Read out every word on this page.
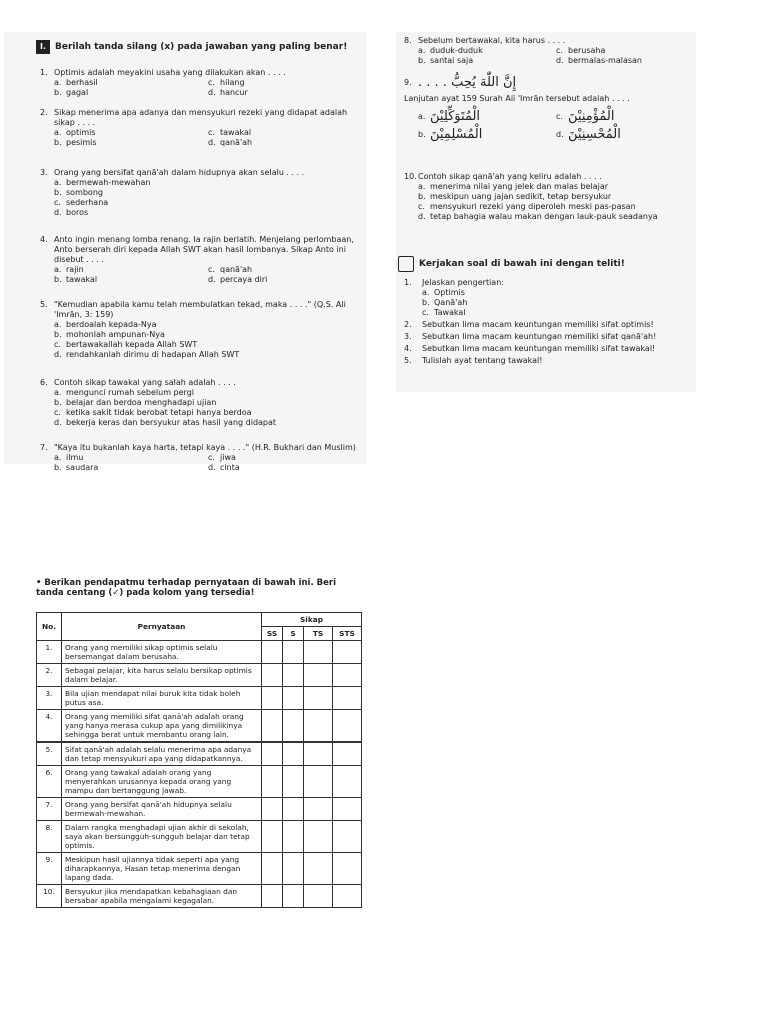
I.	Berilah tanda silang (x) pada jawaban yang paling benar!
1. Optimis adalah meyakini usaha yang dilakukan akan . . . .
a. berhasil	c. hilang
b. gagal	d. hancur
2. Sikap menerima apa adanya dan mensyukuri rezeki yang didapat adalah sikap . . . .
a. optimis	c. tawakal
b. pesimis	d. qanā'ah
3. Orang yang bersifat qanā'ah dalam hidupnya akan selalu . . . .
a. bermewah-mewahan
b. sombong
c. sederhana
d. boros
4. Anto ingin menang lomba renang. Ia rajin berlatih. Menjelang perlombaan, Anto berserah diri kepada Allah SWT akan hasil lombanya. Sikap Anto ini disebut . . . .
a. rajin	c. qanā'ah
b. tawakal	d. percaya diri
5. "Kemudian apabila kamu telah membulatkan tekad, maka . . . ." (Q.S. Ali 'Imrān, 3: 159)
a. berdoalah kepada-Nya
b. mohonlah ampunan-Nya
c. bertawakallah kepada Allah SWT
d. rendahkanlah dirimu di hadapan Allah SWT
6. Contoh sikap tawakal yang salah adalah . . . .
a. mengunci rumah sebelum pergi
b. belajar dan berdoa menghadapi ujian
c. ketika sakit tidak berobat tetapi hanya berdoa
d. bekerja keras dan bersyukur atas hasil yang didapat
7. "Kaya itu bukanlah kaya harta, tetapi kaya . . . ." (H.R. Bukhari dan Muslim)
a. ilmu	c. jiwa
b. saudara	d. cinta
8. Sebelum bertawakal, kita harus . . . .
a. duduk-duduk	c. berusaha
b. santai saja	d. bermalas-malasan
9. . . . . إِنَّ اللّٰهَ يُحِبُّ
Lanjutan ayat 159 Surah Ali 'Imrān tersebut adalah . . . .
a. الْمُتَوَكِّلِيْنَ	c. الْمُؤْمِنِيْنَ
b. الْمُسْلِمِيْنَ	d. الْمُحْسِنِيْنَ
10. Contoh sikap qanā'ah yang keliru adalah . . . .
a. menerima nilai yang jelek dan malas belajar
b. meskipun uang jajan sedikit, tetap bersyukur
c. mensyukuri rezeki yang diperoleh meski pas-pasan
d. tetap bahagia walau makan dengan lauk-pauk seadanya
Kerjakan soal di bawah ini dengan teliti!
1.	Jelaskan pengertian:
a. Optimis
b. Qanā'ah
c. Tawakal
2.	Sebutkan lima macam keuntungan memiliki sifat optimis!
3.	Sebutkan lima macam keuntungan memiliki sifat qanā'ah!
4.	Sebutkan lima macam keuntungan memiliki sifat tawakal!
5.	Tulislah ayat tentang tawakal!
• Berikan pendapatmu terhadap pernyataan di bawah ini. Beri tanda centang (✓) pada kolom yang tersedia!
No.	Pernyataan	Sikap			
		SS	S	TS	STS
1.	Orang yang memiliki sikap optimis selalu bersemangat dalam berusaha.				
2.	Sebagai pelajar, kita harus selalu bersikap optimis dalam belajar.				
3.	Bila ujian mendapat nilai buruk kita tidak boleh putus asa.				
4.	Orang yang memiliki sifat qanā'ah adalah orang yang hanya merasa cukup apa yang dimilikinya sehingga berat untuk membantu orang lain.				
5.	Sifat qanā'ah adalah selalu menerima apa adanya dan tetap mensyukuri apa yang didapatkannya.				
6.	Orang yang tawakal adalah orang yang menyerahkan urusannya kepada orang yang mampu dan bertanggung jawab.				
7.	Orang yang bersifat qanā'ah hidupnya selalu bermewah-mewahan.				
8.	Dalam rangka menghadapi ujian akhir di sekolah, saya akan bersungguh-sungguh belajar dan tetap optimis.				
9.	Meskipun hasil ujiannya tidak seperti apa yang diharapkannya, Hasan tetap menerima dengan lapang dada.				
10.	Bersyukur jika mendapatkan kebahagiaan dan bersabar apabila mengalami kegagalan.				
